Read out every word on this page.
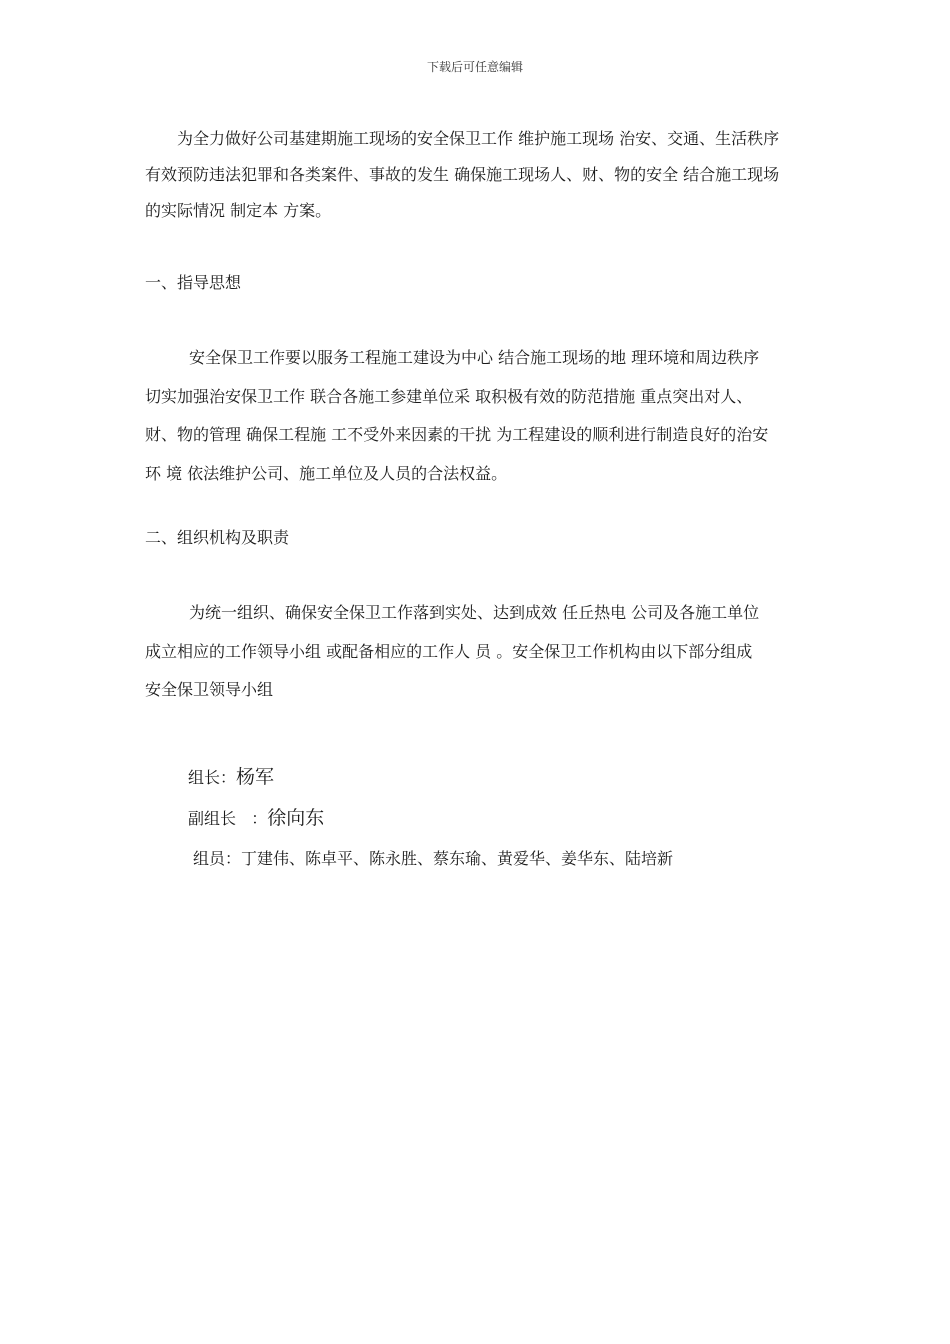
下载后可任意编辑

为全力做好公司基建期施工现场的安全保卫工作 维护施工现场 治安、交通、生活秩序
有效预防违法犯罪和各类案件、事故的发生 确保施工现场人、财、物的安全 结合施工现场
的实际情况 制定本 方案。

一、指导思想

安全保卫工作要以服务工程施工建设为中心 结合施工现场的地 理环境和周边秩序
切实加强治安保卫工作 联合各施工参建单位采 取积极有效的防范措施 重点突出对人、
财、物的管理 确保工程施 工不受外来因素的干扰 为工程建设的顺利进行制造良好的治安
环 境 依法维护公司、施工单位及人员的合法权益。

二、组织机构及职责

为统一组织、确保安全保卫工作落到实处、达到成效 任丘热电 公司及各施工单位
成立相应的工作领导小组 或配备相应的工作人 员 。安全保卫工作机构由以下部分组成
安全保卫领导小组

组长：杨军

副组长   ：徐向东

组员：丁建伟、陈卓平、陈永胜、蔡东瑜、黄爱华、姜华东、陆培新
